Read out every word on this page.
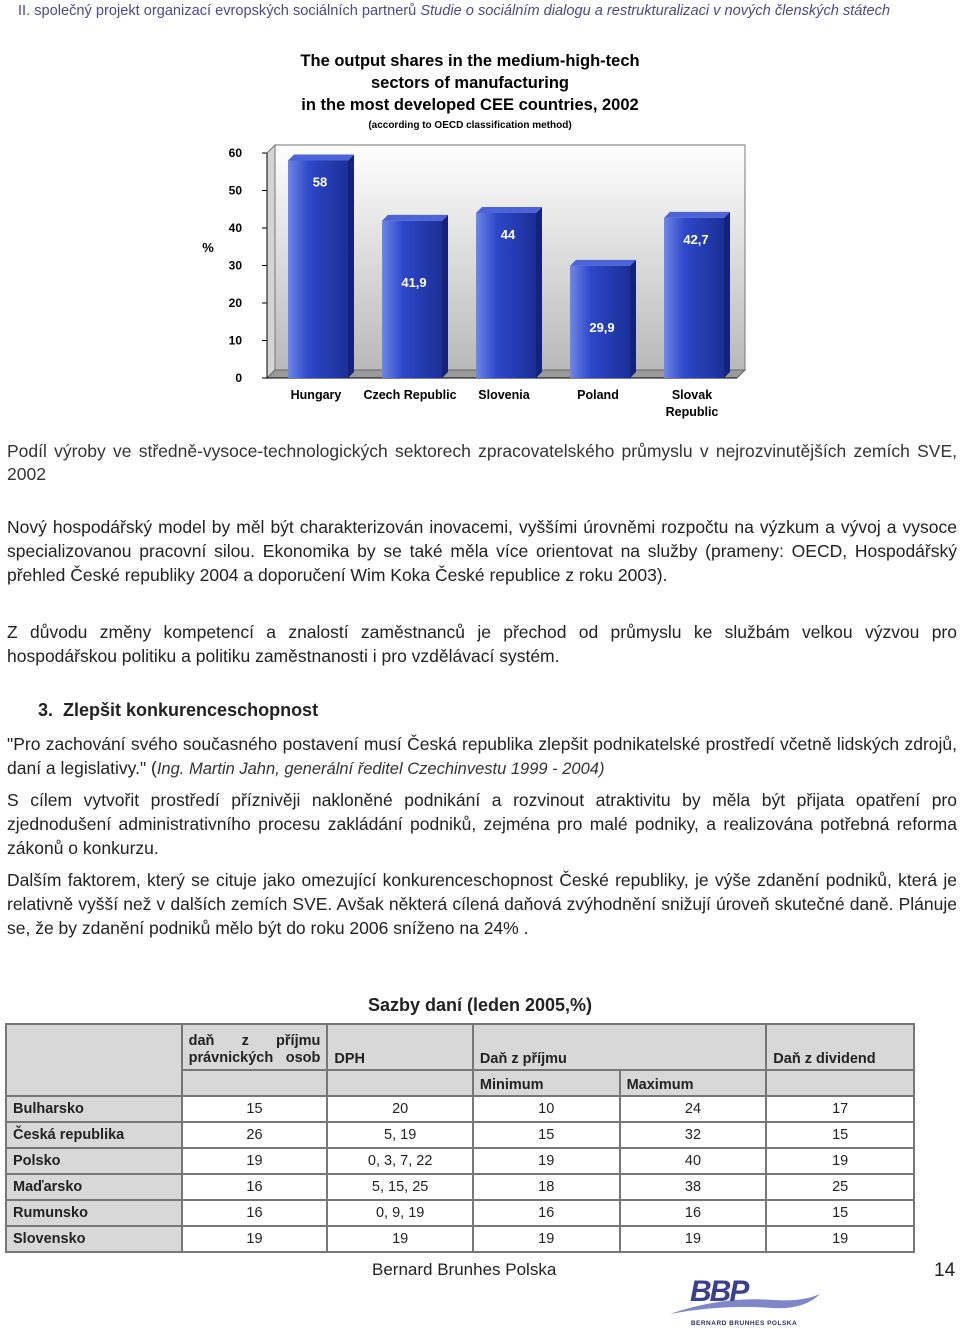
II. společný projekt organizací evropských sociálních partnerů Studie o sociálním dialogu a restrukturalizaci v nových členských státech
The output shares in the medium-high-tech
sectors of manufacturing
in the most developed CEE countries, 2002
(according to OECD classification method)
0
10
20
30
40
50
60
%
58
Hungary
41,9
Czech Republic
44
Slovenia
29,9
Poland
42,7
Slovak
Republic
Podíl výroby ve středně-vysoce-technologických sektorech zpracovatelského průmyslu v nejrozvinutějších zemích SVE, 2002
Nový hospodářský model by měl být charakterizován inovacemi, vyššími úrovněmi rozpočtu na výzkum a vývoj a vysoce specializovanou pracovní silou. Ekonomika by se také měla více orientovat na služby (prameny: OECD, Hospodářský přehled České republiky 2004 a doporučení Wim Koka České republice z roku 2003).
Z důvodu změny kompetencí a znalostí zaměstnanců je přechod od průmyslu ke službám velkou výzvou pro hospodářskou politiku a politiku zaměstnanosti i pro vzdělávací systém.
3. Zlepšit konkurenceschopnost
"Pro zachování svého současného postavení musí Česká republika zlepšit podnikatelské prostředí včetně lidských zdrojů, daní a legislativy." (Ing. Martin Jahn, generální ředitel Czechinvestu 1999 - 2004)
S cílem vytvořit prostředí příznivěji nakloněné podnikání a rozvinout atraktivitu by měla být přijata opatření pro zjednodušení administrativního procesu zakládání podniků, zejména pro malé podniky, a realizována potřebná reforma zákonů o konkurzu.
Dalším faktorem, který se cituje jako omezující konkurenceschopnost České republiky, je výše zdanění podniků, která je relativně vyšší než v dalších zemích SVE. Avšak některá cílená daňová zvýhodnění snižují úroveň skutečné daně. Plánuje se, že by zdanění podniků mělo být do roku 2006 sníženo na 24% .
Sazby daní (leden 2005,%)
	daň z příjmu právnických osob	DPH	Daň z příjmu		Daň z dividend
			Minimum	Maximum	
Bulharsko	15	20	10	24	17
Česká republika	26	5, 19	15	32	15
Polsko	19	0, 3, 7, 22	19	40	19
Maďarsko	16	5, 15, 25	18	38	25
Rumunsko	16	0, 9, 19	16	16	15
Slovensko	19	19	19	19	19
Bernard Brunhes Polska	14
BBP
BERNARD BRUNHES POLSKA
